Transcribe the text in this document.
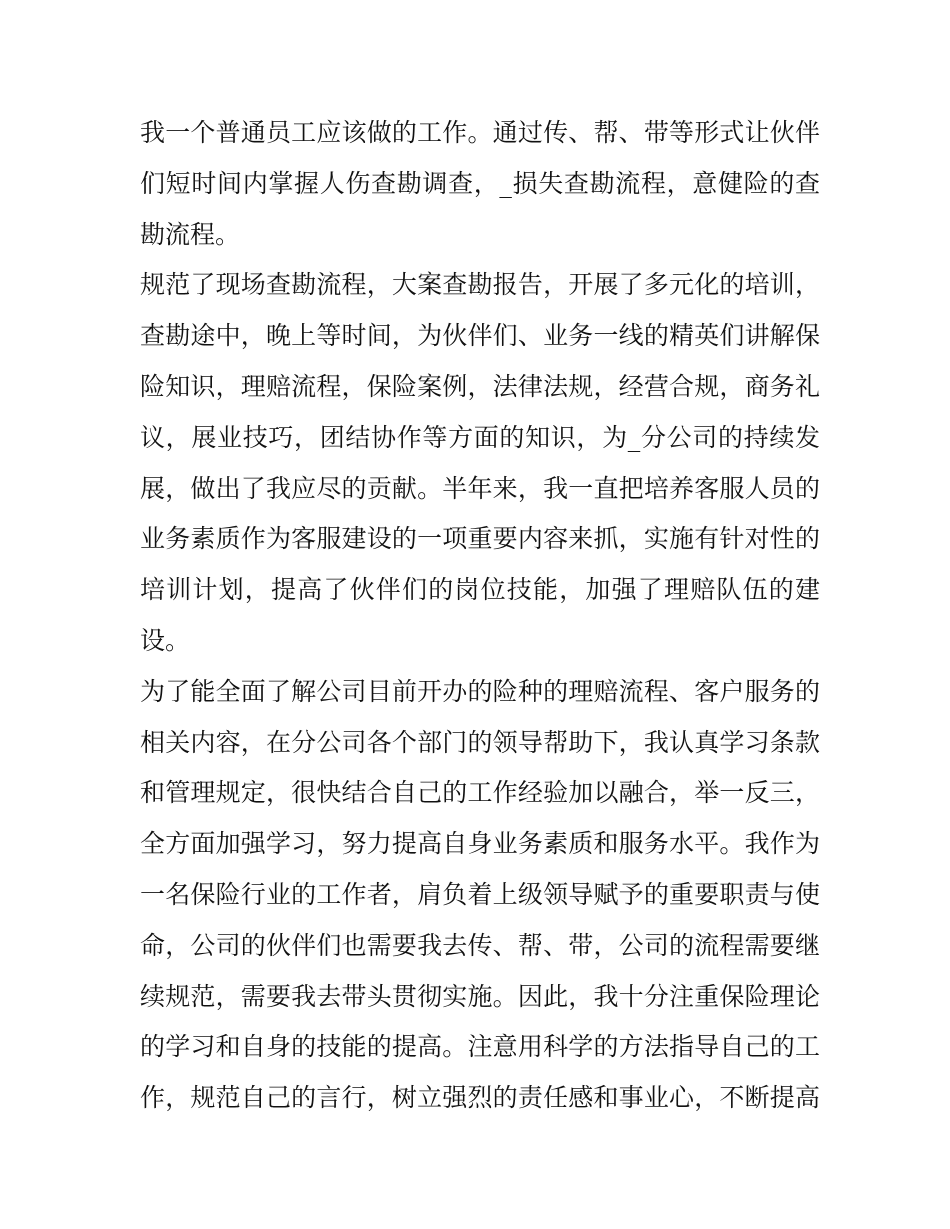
我一个普通员工应该做的工作。通过传、帮、带等形式让伙伴
们短时间内掌握人伤查勘调查，_损失查勘流程，意健险的查
勘流程。
规范了现场查勘流程，大案查勘报告，开展了多元化的培训，
查勘途中，晚上等时间，为伙伴们、业务一线的精英们讲解保
险知识，理赔流程，保险案例，法律法规，经营合规，商务礼
议，展业技巧，团结协作等方面的知识，为_分公司的持续发
展，做出了我应尽的贡献。半年来，我一直把培养客服人员的
业务素质作为客服建设的一项重要内容来抓，实施有针对性的
培训计划，提高了伙伴们的岗位技能，加强了理赔队伍的建
设。
为了能全面了解公司目前开办的险种的理赔流程、客户服务的
相关内容，在分公司各个部门的领导帮助下，我认真学习条款
和管理规定，很快结合自己的工作经验加以融合，举一反三，
全方面加强学习，努力提高自身业务素质和服务水平。我作为
一名保险行业的工作者，肩负着上级领导赋予的重要职责与使
命，公司的伙伴们也需要我去传、帮、带，公司的流程需要继
续规范，需要我去带头贯彻实施。因此，我十分注重保险理论
的学习和自身的技能的提高。注意用科学的方法指导自己的工
作，规范自己的言行，树立强烈的责任感和事业心，不断提高
